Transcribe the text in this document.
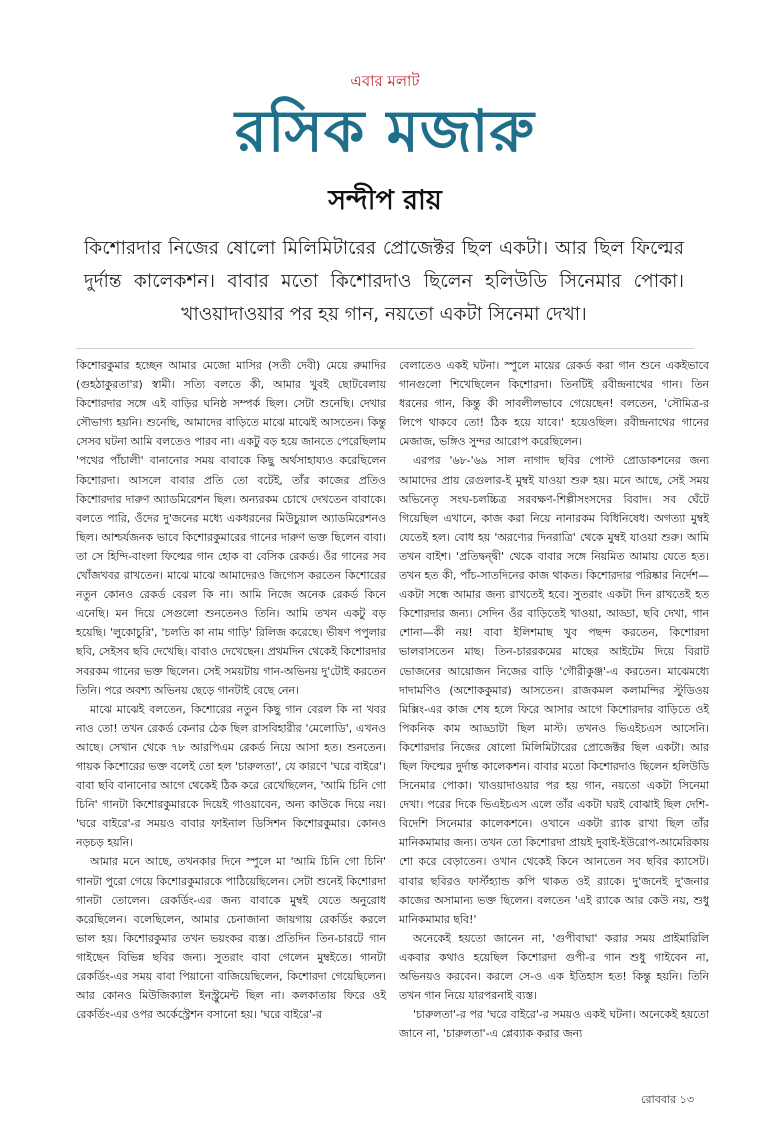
এবার মলাট
রসিক মজারু
সন্দীপ রায়
কিশোরদার নিজের ষোলো মিলিমিটারের প্রোজেক্টর ছিল একটা। আর ছিল ফিল্মের দুর্দান্ত কালেকশন। বাবার মতো কিশোরদাও ছিলেন হলিউডি সিনেমার পোকা। খাওয়াদাওয়ার পর হয় গান, নয়তো একটা সিনেমা দেখা।

কিশোরকুমার হচ্ছেন আমার মেজো মাসির (সতী দেবী) মেয়ে রুমাদির (গুহঠাকুরতা'র) স্বামী। সত্যি বলতে কী, আমার খুবই ছোটবেলায় কিশোরদার সঙ্গে এই বাড়ির ঘনিষ্ঠ সম্পর্ক ছিল। সেটা শুনেছি। দেখার সৌভাগ্য হয়নি। শুনেছি, আমাদের বাড়িতে মাঝে মাঝেই আসতেন। কিন্তু সেসব ঘটনা আমি বলতেও পারব না। একটু বড় হয়ে জানতে পেরেছিলাম 'পথের পাঁচালী' বানানোর সময় বাবাকে কিছু অর্থসাহায্যও করেছিলেন কিশোরদা। আসলে বাবার প্রতি তো বটেই, তাঁর কাজের প্রতিও কিশোরদার দারুণ অ্যাডমিরেশন ছিল। অন্যরকম চোখে দেখতেন বাবাকে। বলতে পারি, ওঁদের দু'জনের মধ্যে একধরনের মিউচুয়াল অ্যাডমিরেশনও ছিল। আশ্চর্যজনক ভাবে কিশোরকুমারের গানের দারুণ ভক্ত ছিলেন বাবা। তা সে হিন্দি-বাংলা ফিল্মের গান হোক বা বেসিক রেকর্ড। ওঁর গানের সব খোঁজখবর রাখতেন। মাঝে মাঝে আমাদেরও জিগ্যেস করতেন কিশোরের নতুন কোনও রেকর্ড বেরল কি না। আমি নিজে অনেক রেকর্ড কিনে এনেছি। মন দিয়ে সেগুলো শুনতেনও তিনি। আমি তখন একটু বড় হয়েছি। 'লুকোচুরি', 'চলতি কা নাম গাড়ি' রিলিজ করেছে। ভীষণ পপুলার ছবি, সেইসব ছবি দেখেছি। বাবাও দেখেছেন। প্রথমদিন থেকেই কিশোরদার সবরকম গানের ভক্ত ছিলেন। সেই সময়টায় গান-অভিনয় দু'টোই করতেন তিনি। পরে অবশ্য অভিনয় ছেড়ে গানটাই বেছে নেন।

মাঝে মাঝেই বলতেন, কিশোরের নতুন কিছু গান বেরল কি না খবর নাও তো! তখন রেকর্ড কেনার ঠেক ছিল রাসবিহারীর 'মেলোডি', এখনও আছে। সেখান থেকে ৭৮ আরপিএম রেকর্ড নিয়ে আসা হত। শুনতেন। গায়ক কিশোরের ভক্ত বলেই তো হল 'চারুলতা', যে কারণে 'ঘরে বাইরে'। বাবা ছবি বানানোর আগে থেকেই ঠিক করে রেখেছিলেন, 'আমি চিনি গো চিনি' গানটা কিশোরকুমারকে দিয়েই গাওয়াবেন, অন্য কাউকে দিয়ে নয়। 'ঘরে বাইরে'-র সময়ও বাবার ফাইনাল ডিসিশন কিশোরকুমার। কোনও নড়চড় হয়নি।

আমার মনে আছে, তখনকার দিনে স্পুলে মা 'আমি চিনি গো চিনি' গানটা পুরো গেয়ে কিশোরকুমারকে পাঠিয়েছিলেন। সেটা শুনেই কিশোরদা গানটা তোলেন। রেকর্ডিং-এর জন্য বাবাকে মুম্বই যেতে অনুরোধ করেছিলেন। বলেছিলেন, আমার চেনাজানা জায়গায় রেকর্ডিং করলে ভাল হয়। কিশোরকুমার তখন ভয়ংকর ব্যস্ত। প্রতিদিন তিন-চারটে গান গাইছেন বিভিন্ন ছবির জন্য। সুতরাং বাবা গেলেন মুম্বইতে। গানটা রেকর্ডিং-এর সময় বাবা পিয়ানো বাজিয়েছিলেন, কিশোরদা গেয়েছিলেন। আর কোনও মিউজিক্যাল ইনস্ট্রুমেন্ট ছিল না। কলকাতায় ফিরে ওই রেকর্ডিং-এর ওপর অর্কেস্ট্রেশন বসানো হয়। 'ঘরে বাইরে'-র

বেলাতেও একই ঘটনা। স্পুলে মায়ের রেকর্ড করা গান শুনে একইভাবে গানগুলো শিখেছিলেন কিশোরদা। তিনটিই রবীন্দ্রনাথের গান। তিন ধরনের গান, কিন্তু কী সাবলীলভাবে গেয়েছেন! বলতেন, 'সৌমিত্র-র লিপে থাকবে তো! ঠিক হয়ে যাবে।' হয়েওছিল। রবীন্দ্রনাথের গানের মেজাজ, ভঙ্গিও সুন্দর আরোপ করেছিলেন।

এরপর '৬৮-'৬৯ সাল নাগাদ ছবির পোস্ট প্রোডাকশনের জন্য আমাদের প্রায় রেগুলার-ই মুম্বই যাওয়া শুরু হয়। মনে আছে, সেই সময় অভিনেতৃ সংঘ-চলচ্চিত্র সরবক্ষণ-শিল্পীসংসদের বিবাদ। সব ঘেঁটে গিয়েছিল এখানে, কাজ করা নিয়ে নানারকম বিধিনিষেধ। অগত্যা মুম্বই যেতেই হল। বোধ হয় 'অরণ্যের দিনরাত্রি' থেকে মুম্বই যাওয়া শুরু। আমি তখন বাইশ। 'প্রতিদ্বন্দ্বী' থেকে বাবার সঙ্গে নিয়মিত আমায় যেতে হত। তখন হত কী, পাঁচ-সাতদিনের কাজ থাকত। কিশোরদার পরিষ্কার নির্দেশ—একটা সন্ধে আমার জন্য রাখতেই হবে। সুতরাং একটা দিন রাখতেই হত কিশোরদার জন্য। সেদিন ওঁর বাড়িতেই খাওয়া, আড্ডা, ছবি দেখা, গান শোনা—কী নয়! বাবা ইলিশমাছ খুব পছন্দ করতেন, কিশোরদা ভালবাসতেন মাছ। তিন-চাররকমের মাছের আইটেম দিয়ে বিরাট ভোজনের আয়োজন নিজের বাড়ি 'গৌরীকুঞ্জ'-এ করতেন। মাঝেমধ্যে দাদামণিও (অশোককুমার) আসতেন। রাজকমল কলামন্দির স্টুডিওয় মিক্সিং-এর কাজ শেষ হলে ফিরে আসার আগে কিশোরদার বাড়িতে ওই পিকনিক কাম আড্ডাটা ছিল মাস্ট। তখনও ভিএইচএস আসেনি। কিশোরদার নিজের ষোলো মিলিমিটারের প্রোজেক্টর ছিল একটা। আর ছিল ফিল্মের দুর্দান্ত কালেকশন। বাবার মতো কিশোরদাও ছিলেন হলিউডি সিনেমার পোকা। খাওয়াদাওয়ার পর হয় গান, নয়তো একটা সিনেমা দেখা। পরের দিকে ভিএইচএস এলে তাঁর একটা ঘরই বোঝাই ছিল দেশি-বিদেশি সিনেমার কালেকশনে। ওখানে একটা র‍্যাক রাখা ছিল তাঁর মানিকমামার জন্য। তখন তো কিশোরদা প্রায়ই দুবাই-ইউরোপ-আমেরিকায় শো করে বেড়াতেন। ওখান থেকেই কিনে আনতেন সব ছবির ক্যাসেট। বাবার ছবিরও ফার্স্টহ্যান্ড কপি থাকত ওই র‍্যাকে। দু'জনেই দু'জনার কাজের অসামান্য ভক্ত ছিলেন। বলতেন 'এই র‍্যাকে আর কেউ নয়, শুধু মানিকমামার ছবি!'

অনেকেই হয়তো জানেন না, 'গুপীবাঘা' করার সময় প্রাইমারিলি একবার কথাও হয়েছিল কিশোরদা গুপী-র গান শুধু গাইবেন না, অভিনয়ও করবেন। করলে সে-ও এক ইতিহাস হত! কিন্তু হয়নি। তিনি তখন গান নিয়ে যারপরনাই ব্যস্ত।

'চারুলতা'-র পর 'ঘরে বাইরে'-র সময়ও একই ঘটনা। অনেকেই হয়তো জানে না, 'চারুলতা'-এ প্লেব্যাক করার জন্য

রোববার ১৩
